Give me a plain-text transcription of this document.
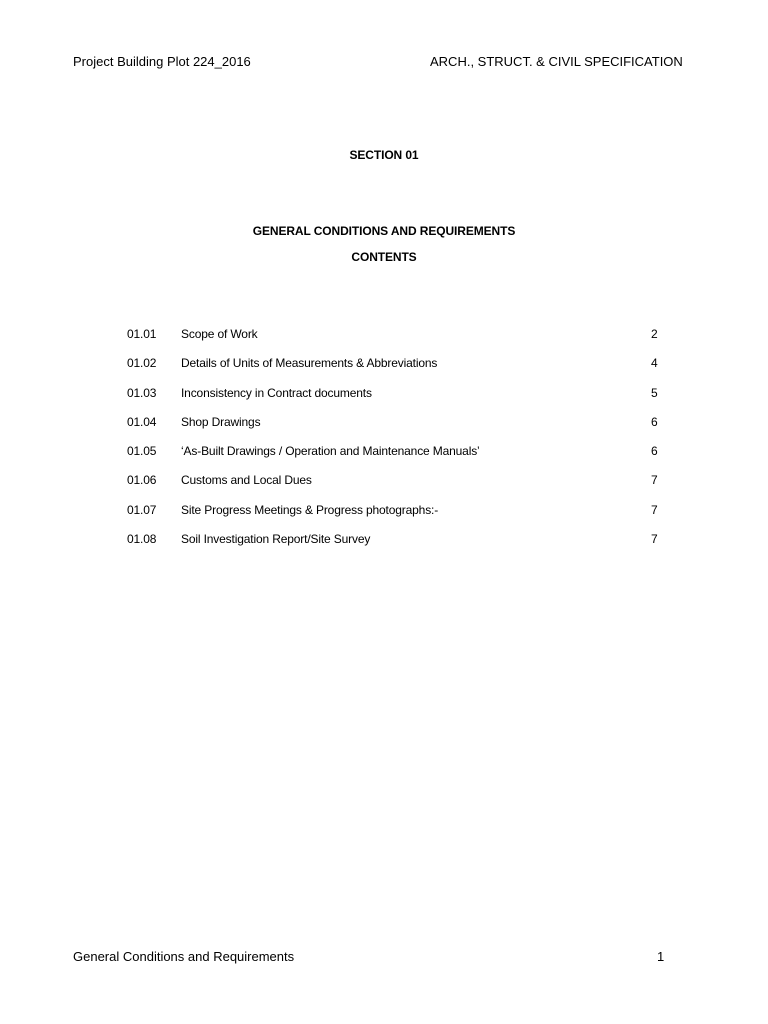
Project Building Plot 224_2016	ARCH., STRUCT. & CIVIL SPECIFICATION
SECTION 01
GENERAL CONDITIONS AND REQUIREMENTS
CONTENTS
01.01 Scope of Work	2
01.02 Details of Units of Measurements & Abbreviations	4
01.03 Inconsistency in Contract documents	5
01.04 Shop Drawings	6
01.05 ‘As-Built Drawings / Operation and Maintenance Manuals’	6
01.06 Customs and Local Dues	7
01.07 Site Progress Meetings & Progress photographs:-	7
01.08 Soil Investigation Report/Site Survey	7
General Conditions and Requirements	1
